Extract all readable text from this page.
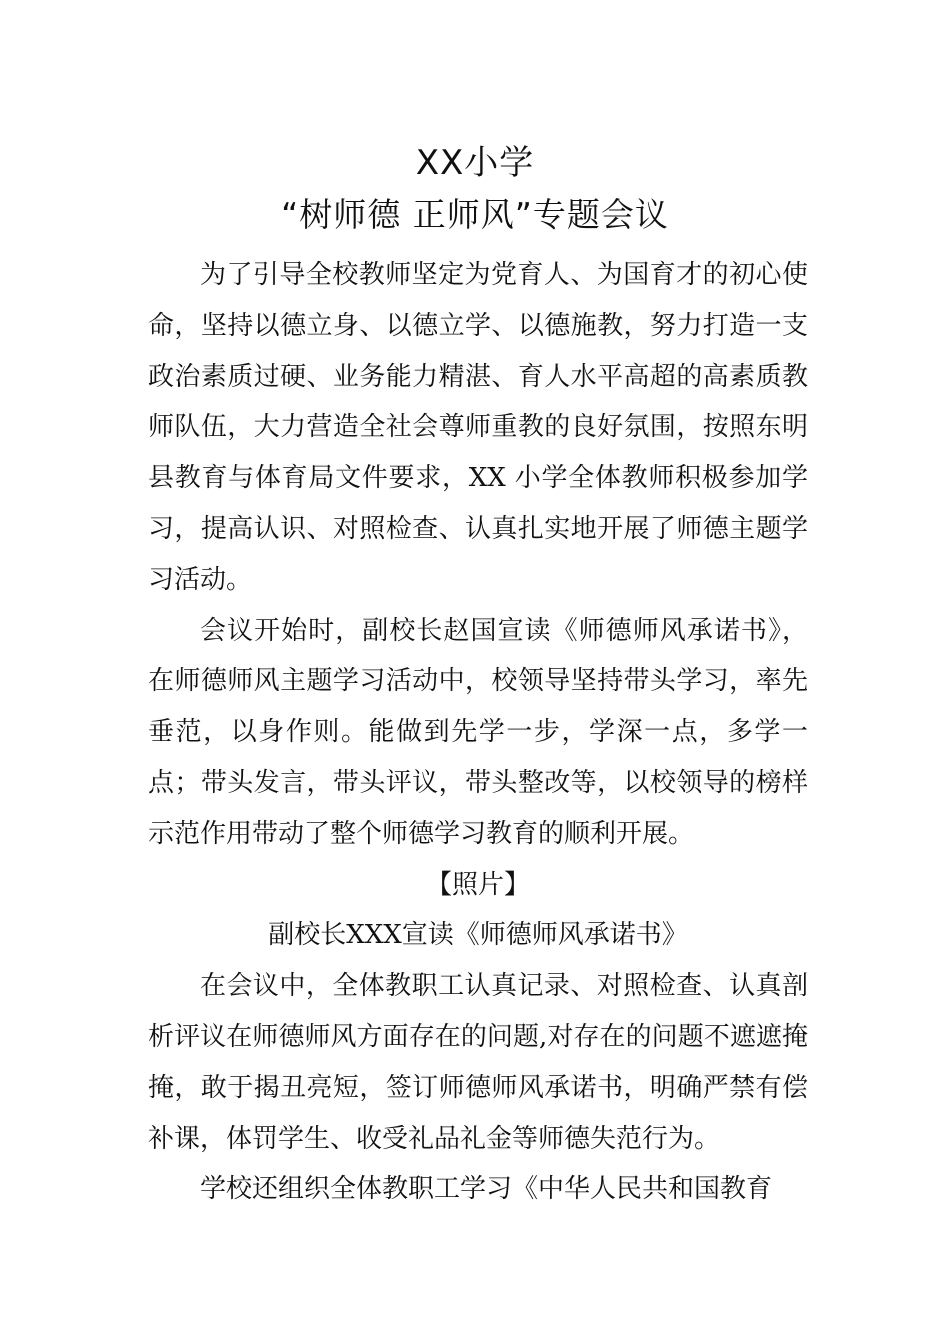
XX小学
“树师德 正师风”专题会议

为了引导全校教师坚定为党育人、为国育才的初心使命，坚持以德立身、以德立学、以德施教，努力打造一支政治素质过硬、业务能力精湛、育人水平高超的高素质教师队伍，大力营造全社会尊师重教的良好氛围，按照东明县教育与体育局文件要求，XX 小学全体教师积极参加学习，提高认识、对照检查、认真扎实地开展了师德主题学习活动。

会议开始时，副校长赵国宣读《师德师风承诺书》，在师德师风主题学习活动中，校领导坚持带头学习，率先垂范，以身作则。能做到先学一步，学深一点，多学一点；带头发言，带头评议，带头整改等，以校领导的榜样示范作用带动了整个师德学习教育的顺利开展。

【照片】

副校长XXX宣读《师德师风承诺书》

在会议中，全体教职工认真记录、对照检查、认真剖析评议在师德师风方面存在的问题,对存在的问题不遮遮掩掩，敢于揭丑亮短，签订师德师风承诺书，明确严禁有偿补课，体罚学生、收受礼品礼金等师德失范行为。

学校还组织全体教职工学习《中华人民共和国教育
